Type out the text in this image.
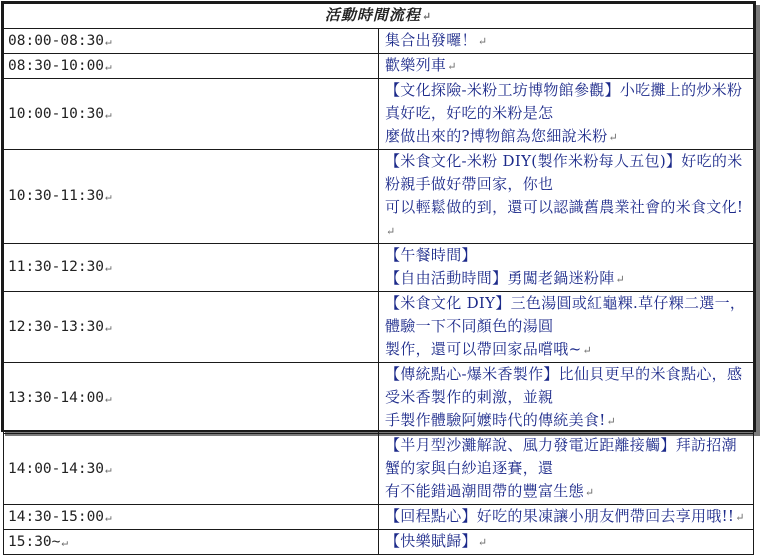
活動時間流程↵	
08:00-08:30↵	集合出發囉！↵

08:30-10:00↵	歡樂列車↵

10:00-10:30↵	【文化探險-米粉工坊博物館參觀】小吃攤上的炒米粉真好吃，好吃的米粉是怎
麼做出來的?博物館為您細說米粉↵

10:30-11:30↵	【米食文化-米粉 DIY(製作米粉每人五包)】好吃的米粉親手做好帶回家，你也
可以輕鬆做的到，還可以認識舊農業社會的米食文化!↵

11:30-12:30↵	【午餐時間】
【自由活動時間】勇闖老鍋迷粉陣↵

12:30-13:30↵	【米食文化 DIY】三色湯圓或紅龜粿.草仔粿二選一，體驗一下不同顏色的湯圓
製作，還可以帶回家品嚐哦~↵

13:30-14:00↵	【傳統點心-爆米香製作】比仙貝更早的米食點心，感受米香製作的刺激，並親
手製作體驗阿嬤時代的傳統美食!↵

14:00-14:30↵	【半月型沙灘解說、風力發電近距離接觸】拜訪招潮蟹的家與白紗追逐賽，還
有不能錯過潮間帶的豐富生態↵

14:30-15:00↵	【回程點心】好吃的果凍讓小朋友們帶回去享用哦!!↵

15:30~↵	【快樂賦歸】↵
